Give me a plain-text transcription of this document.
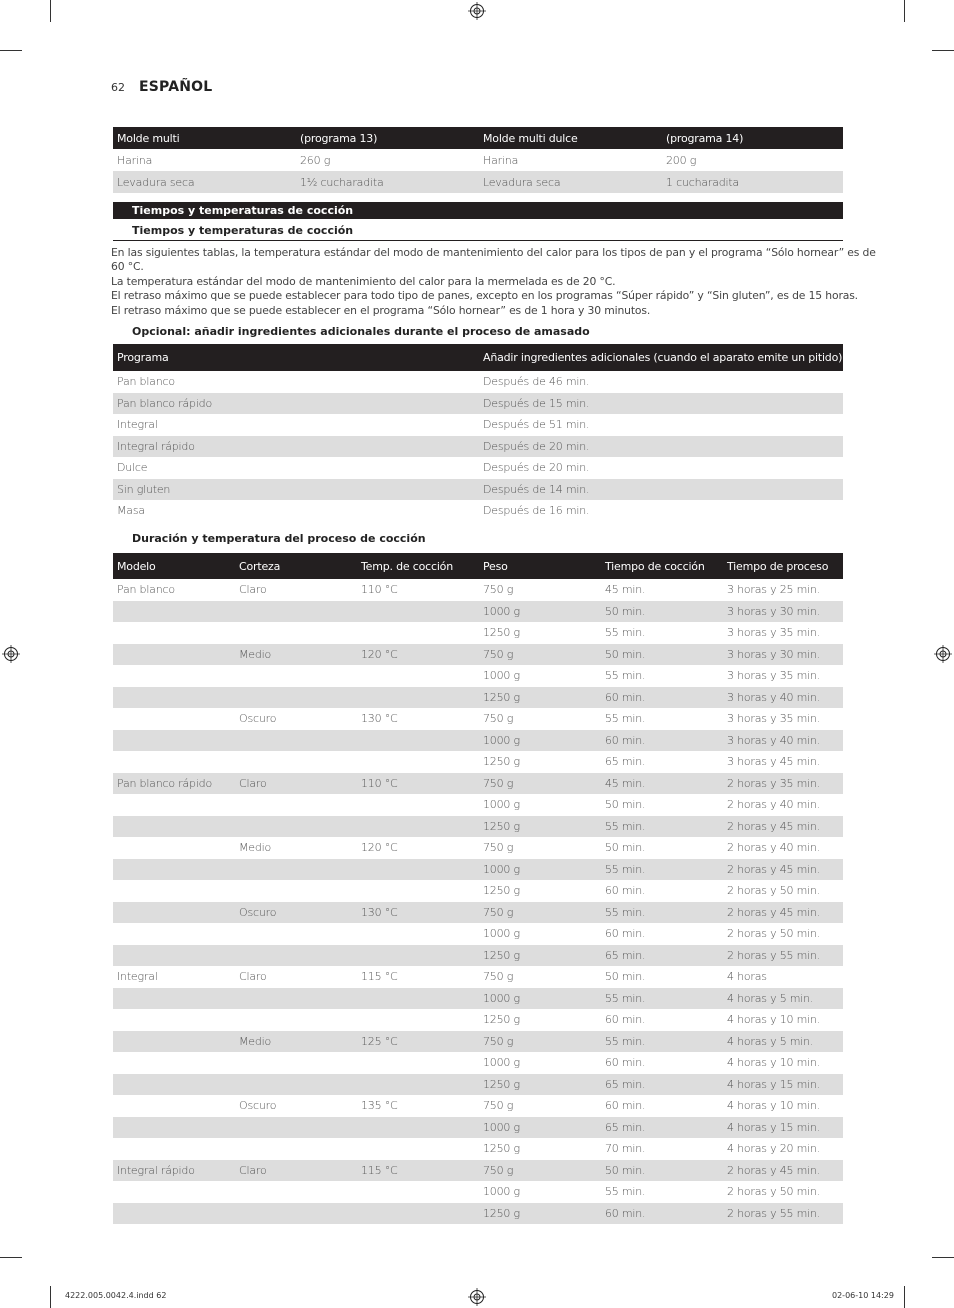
62 ESPAÑOL
Molde multi	(programa 13)	Molde multi dulce	(programa 14)
Harina	260 g	Harina	200 g
Levadura seca	1½ cucharadita	Levadura seca	1 cucharadita
Tiempos y temperaturas de cocción
Tiempos y temperaturas de cocción
En las siguientes tablas, la temperatura estándar del modo de mantenimiento del calor para los tipos de pan y el programa “Sólo hornear” es de
60 °C.
La temperatura estándar del modo de mantenimiento del calor para la mermelada es de 20 °C.
El retraso máximo que se puede establecer para todo tipo de panes, excepto en los programas “Súper rápido” y “Sin gluten”, es de 15 horas.
El retraso máximo que se puede establecer en el programa “Sólo hornear” es de 1 hora y 30 minutos.
Opcional: añadir ingredientes adicionales durante el proceso de amasado
Programa	Añadir ingredientes adicionales (cuando el aparato emite un pitido)
Pan blanco	Después de 46 min.
Pan blanco rápido	Después de 15 min.
Integral	Después de 51 min.
Integral rápido	Después de 20 min.
Dulce	Después de 20 min.
Sin gluten	Después de 14 min.
Masa	Después de 16 min.
Duración y temperatura del proceso de cocción
Modelo	Corteza	Temp. de cocción	Peso	Tiempo de cocción	Tiempo de proceso
Pan blanco	Claro	110 °C	750 g	45 min.	3 horas y 25 min.
			1000 g	50 min.	3 horas y 30 min.
			1250 g	55 min.	3 horas y 35 min.
	Medio	120 °C	750 g	50 min.	3 horas y 30 min.
			1000 g	55 min.	3 horas y 35 min.
			1250 g	60 min.	3 horas y 40 min.
	Oscuro	130 °C	750 g	55 min.	3 horas y 35 min.
			1000 g	60 min.	3 horas y 40 min.
			1250 g	65 min.	3 horas y 45 min.
Pan blanco rápido	Claro	110 °C	750 g	45 min.	2 horas y 35 min.
			1000 g	50 min.	2 horas y 40 min.
			1250 g	55 min.	2 horas y 45 min.
	Medio	120 °C	750 g	50 min.	2 horas y 40 min.
			1000 g	55 min.	2 horas y 45 min.
			1250 g	60 min.	2 horas y 50 min.
	Oscuro	130 °C	750 g	55 min.	2 horas y 45 min.
			1000 g	60 min.	2 horas y 50 min.
			1250 g	65 min.	2 horas y 55 min.
Integral	Claro	115 °C	750 g	50 min.	4 horas
			1000 g	55 min.	4 horas y 5 min.
			1250 g	60 min.	4 horas y 10 min.
	Medio	125 °C	750 g	55 min.	4 horas y 5 min.
			1000 g	60 min.	4 horas y 10 min.
			1250 g	65 min.	4 horas y 15 min.
	Oscuro	135 °C	750 g	60 min.	4 horas y 10 min.
			1000 g	65 min.	4 horas y 15 min.
			1250 g	70 min.	4 horas y 20 min.
Integral rápido	Claro	115 °C	750 g	50 min.	2 horas y 45 min.
			1000 g	55 min.	2 horas y 50 min.
			1250 g	60 min.	2 horas y 55 min.
4222.005.0042.4.indd 62	02-06-10 14:29
